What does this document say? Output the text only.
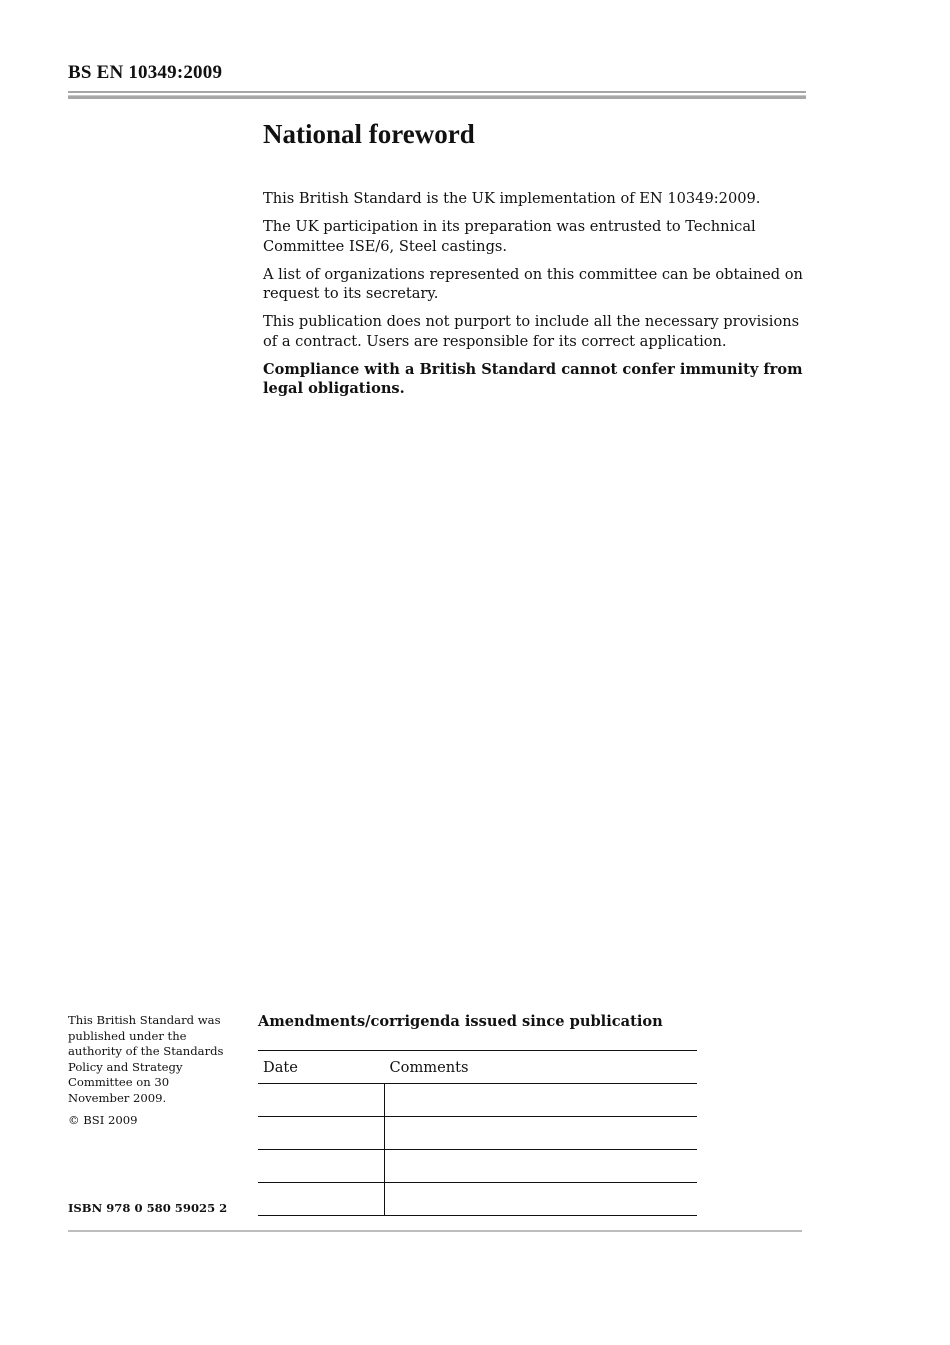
BS EN 10349:2009
National foreword

This British Standard is the UK implementation of EN 10349:2009.

The UK participation in its preparation was entrusted to Technical Committee ISE/6, Steel castings.

A list of organizations represented on this committee can be obtained on request to its secretary.

This publication does not purport to include all the necessary provisions of a contract. Users are responsible for its correct application.

Compliance with a British Standard cannot confer immunity from legal obligations.

This British Standard was published under the authority of the Standards Policy and Strategy Committee on 30 November 2009.

© BSI 2009

ISBN 978 0 580 59025 2

Amendments/corrigenda issued since publication
Date	Comments
